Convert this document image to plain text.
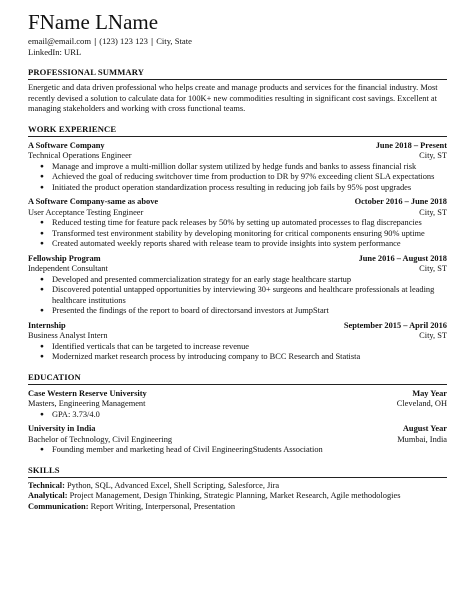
FName LName
email@email.com | (123) 123 123 | City, State
LinkedIn: URL
PROFESSIONAL SUMMARY
Energetic and data driven professional who helps create and manage products and services for the financial industry. Most recently devised a solution to calculate data for 100K+ new commodities resulting in significant cost savings. Excellent at managing stakeholders and working with cross functional teams.
WORK EXPERIENCE
A Software Company	June 2018 – Present
Technical Operations Engineer	City, ST
● Manage and improve a multi-million dollar system utilized by hedge funds and banks to assess financial risk
● Achieved the goal of reducing switchover time from production to DR by 97% exceeding client SLA expectations
● Initiated the product operation standardization process resulting in reducing job fails by 95% post upgrades
A Software Company-same as above	October 2016 – June 2018
User Acceptance Testing Engineer	City, ST
● Reduced testing time for feature pack releases by 50% by setting up automated processes to flag discrepancies
● Transformed test environment stability by developing monitoring for critical components ensuring 90% uptime
● Created automated weekly reports shared with release team to provide insights into system performance
Fellowship Program	June 2016 – August 2018
Independent Consultant	City, ST
● Developed and presented commercialization strategy for an early stage healthcare startup
● Discovered potential untapped opportunities by interviewing 30+ surgeons and healthcare professionals at leading healthcare institutions
● Presented the findings of the report to board of directorsand investors at JumpStart
Internship	September 2015 – April 2016
Business Analyst Intern	City, ST
● Identified verticals that can be targeted to increase revenue
● Modernized market research process by introducing company to BCC Research and Statista
EDUCATION
Case Western Reserve University	May Year
Masters, Engineering Management	Cleveland, OH
● GPA: 3.73/4.0
University in India	August Year
Bachelor of Technology, Civil Engineering	Mumbai, India
● Founding member and marketing head of Civil EngineeringStudents Association
SKILLS
Technical: Python, SQL, Advanced Excel, Shell Scripting, Salesforce, Jira
Analytical: Project Management, Design Thinking, Strategic Planning, Market Research, Agile methodologies
Communication: Report Writing, Interpersonal, Presentation
